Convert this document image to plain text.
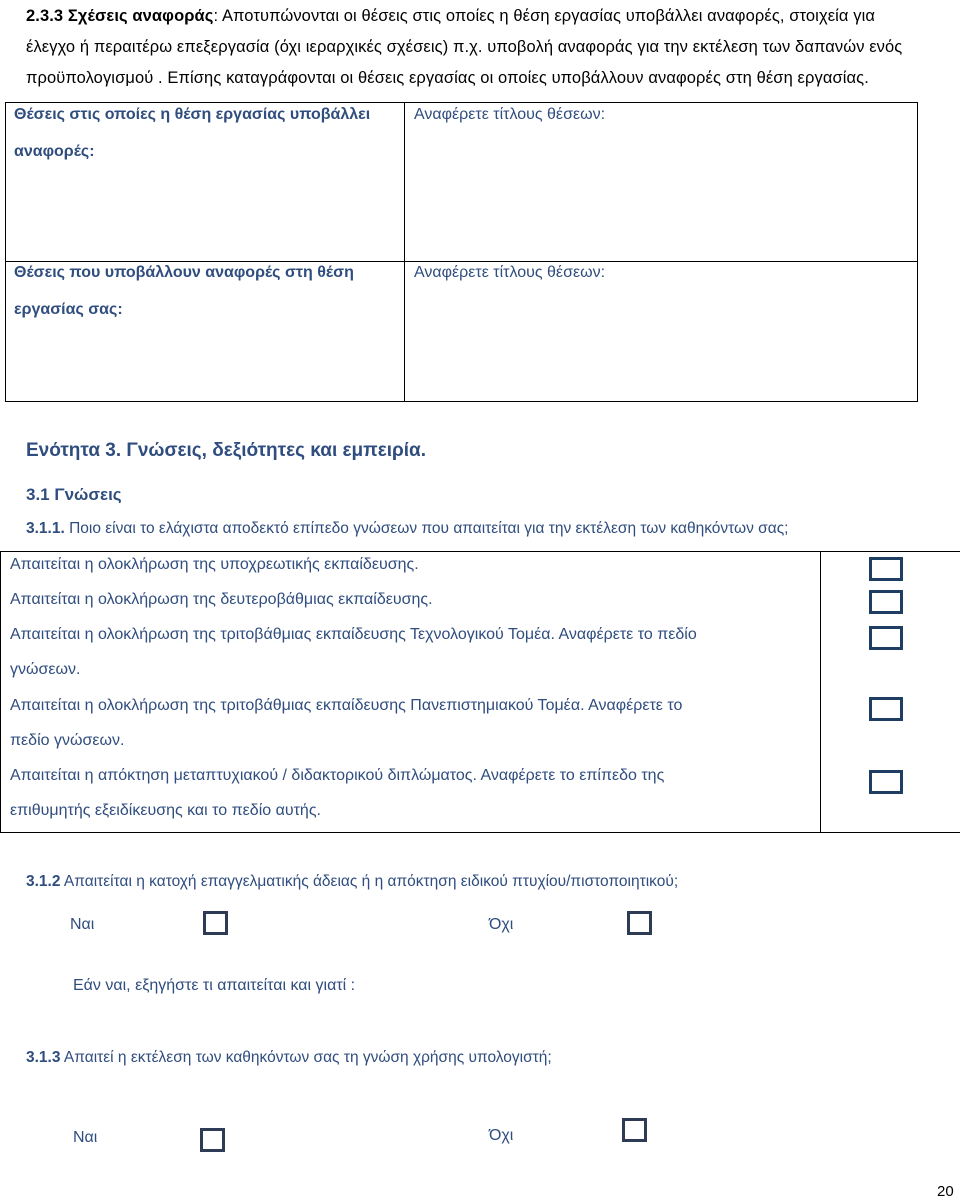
2.3.3 Σχέσεις αναφοράς: Αποτυπώνονται οι θέσεις στις οποίες η θέση εργασίας υποβάλλει αναφορές, στοιχεία για
έλεγχο ή περαιτέρω επεξεργασία (όχι ιεραρχικές σχέσεις) π.χ. υποβολή αναφοράς για την εκτέλεση των δαπανών ενός
προϋπολογισμού . Επίσης καταγράφονται οι θέσεις εργασίας οι οποίες υποβάλλουν αναφορές στη θέση εργασίας.
Θέσεις στις οποίες η θέση εργασίας υποβάλλει
αναφορές:
Αναφέρετε τίτλους θέσεων:
Θέσεις που υποβάλλουν αναφορές στη θέση
εργασίας σας:
Αναφέρετε τίτλους θέσεων:
Ενότητα 3. Γνώσεις, δεξιότητες και εμπειρία.
3.1 Γνώσεις
3.1.1. Ποιο είναι το ελάχιστα αποδεκτό επίπεδο γνώσεων που απαιτείται για την εκτέλεση των καθηκόντων σας;
Απαιτείται η ολοκλήρωση της υποχρεωτικής εκπαίδευσης.
Απαιτείται η ολοκλήρωση της δευτεροβάθμιας εκπαίδευσης.
Απαιτείται η ολοκλήρωση της τριτοβάθμιας εκπαίδευσης Τεχνολογικού Τομέα. Αναφέρετε το πεδίο
γνώσεων.
Απαιτείται η ολοκλήρωση της τριτοβάθμιας εκπαίδευσης Πανεπιστημιακού Τομέα. Αναφέρετε το
πεδίο γνώσεων.
Απαιτείται η απόκτηση μεταπτυχιακού / διδακτορικού διπλώματος. Αναφέρετε το επίπεδο της
επιθυμητής εξειδίκευσης και το πεδίο αυτής.
3.1.2 Απαιτείται η κατοχή επαγγελματικής άδειας ή η απόκτηση ειδικού πτυχίου/πιστοποιητικού;
Ναι	Όχι
Εάν ναι, εξηγήστε τι απαιτείται και γιατί :
3.1.3 Απαιτεί η εκτέλεση των καθηκόντων σας τη γνώση χρήσης υπολογιστή;
Ναι	Όχι
20
